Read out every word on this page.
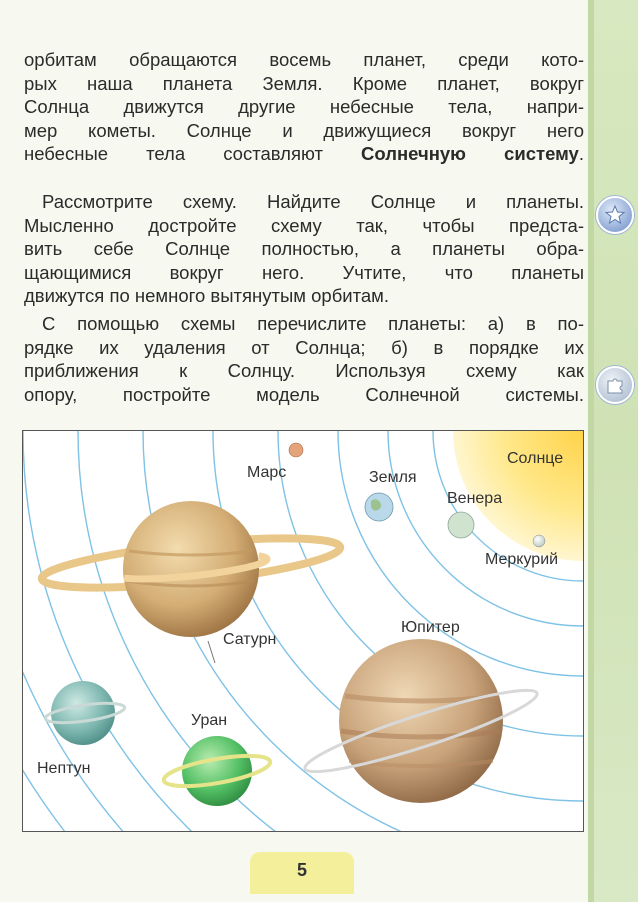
орбитам обращаются восемь планет, среди кото-
рых наша планета Земля. Кроме планет, вокруг
Солнца движутся другие небесные тела, напри-
мер кометы. Солнце и движущиеся вокруг него
небесные тела составляют Солнечную систему.
Рассмотрите схему. Найдите Солнце и планеты.
Мысленно достройте схему так, чтобы предста-
вить себе Солнце полностью, а планеты обра-
щающимися вокруг него. Учтите, что планеты
движутся по немного вытянутым орбитам.
С помощью схемы перечислите планеты: а) в по-
рядке их удаления от Солнца; б) в порядке их
приближения к Солнцу. Используя схему как
опору, постройте модель Солнечной системы.
Солнце
Меркурий
Венера
Земля
Марс
Юпитер
Сатурн
Уран
Нептун
5
